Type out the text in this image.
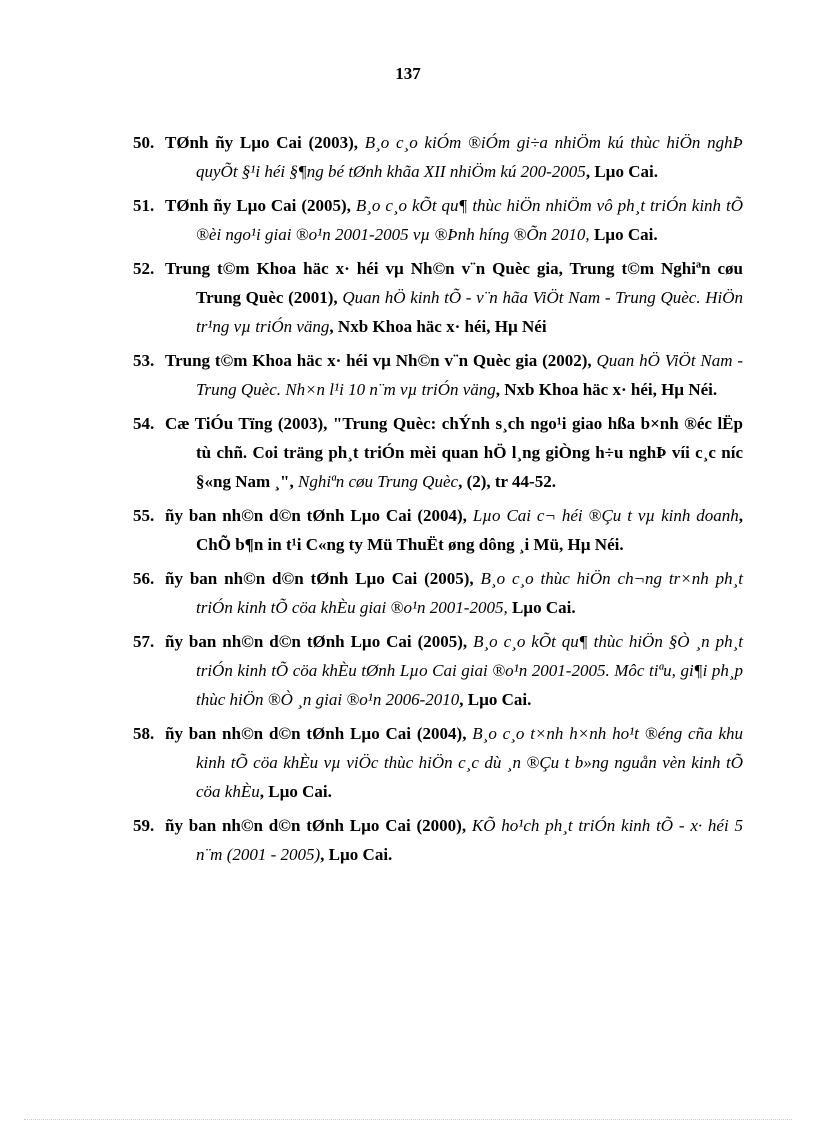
137
50. TØnh ñy Lµo Cai (2003), B¸o c¸o kiÓm ®iÓm gi÷a nhiÖm kú thùc hiÖn nghÞ quyÕt §¹i héi §¶ng bé tØnh khãa XII nhiÖm kú 200-2005, Lµo Cai.
51. TØnh ñy Lµo Cai (2005), B¸o c¸o kÕt qu¶ thùc hiÖn nhiÖm vô ph¸t triÓn kinh tÕ ®èi ngo¹i giai ®o¹n 2001-2005 vµ ®Þnh híng ®Õn 2010, Lµo Cai.
52. Trung t©m Khoa häc x· héi vµ Nh©n v¨n Quèc gia, Trung t©m Nghiªn cøu Trung Quèc (2001), Quan hÖ kinh tÕ - v¨n hãa ViÖt Nam - Trung Quèc. HiÖn tr¹ng vµ triÓn väng, Nxb Khoa häc x· héi, Hµ Néi
53. Trung t©m Khoa häc x· héi vµ Nh©n v¨n Quèc gia (2002), Quan hÖ ViÖt Nam - Trung Quèc. Nh×n l¹i 10 n¨m vµ triÓn väng, Nxb Khoa häc x· héi, Hµ Néi.
54. Cæ TiÓu Tïng (2003), "Trung Quèc: chÝnh s¸ch ngo¹i giao hßa b×nh ®éc lËp tù chñ. Coi träng ph¸t triÓn mèi quan hÖ l¸ng giÒng h÷u nghÞ víi c¸c níc §«ng Nam ¸", Nghiªn cøu Trung Quèc, (2), tr 44-52.
55. ñy ban nh©n d©n tØnh Lµo Cai (2004), Lµo Cai c¬ héi ®Çu t vµ kinh doanh, ChÕ b¶n in t¹i C«ng ty Mü ThuËt øng dông ¸i Mü, Hµ Néi.
56. ñy ban nh©n d©n tØnh Lµo Cai (2005), B¸o c¸o thùc hiÖn ch¬ng tr×nh ph¸t triÓn kinh tÕ cöa khÈu giai ®o¹n 2001-2005, Lµo Cai.
57. ñy ban nh©n d©n tØnh Lµo Cai (2005), B¸o c¸o kÕt qu¶ thùc hiÖn §Ò ¸n ph¸t triÓn kinh tÕ cöa khÈu tØnh Lµo Cai giai ®o¹n 2001-2005. Môc tiªu, gi¶i ph¸p thùc hiÖn ®Ò ¸n giai ®o¹n 2006-2010, Lµo Cai.
58. ñy ban nh©n d©n tØnh Lµo Cai (2004), B¸o c¸o t×nh h×nh ho¹t ®éng cña khu kinh tÕ cöa khÈu vµ viÖc thùc hiÖn c¸c dù ¸n ®Çu t b»ng nguån vèn kinh tÕ cöa khÈu, Lµo Cai.
59. ñy ban nh©n d©n tØnh Lµo Cai (2000), KÕ ho¹ch ph¸t triÓn kinh tÕ - x· héi 5 n¨m (2001 - 2005), Lµo Cai.
